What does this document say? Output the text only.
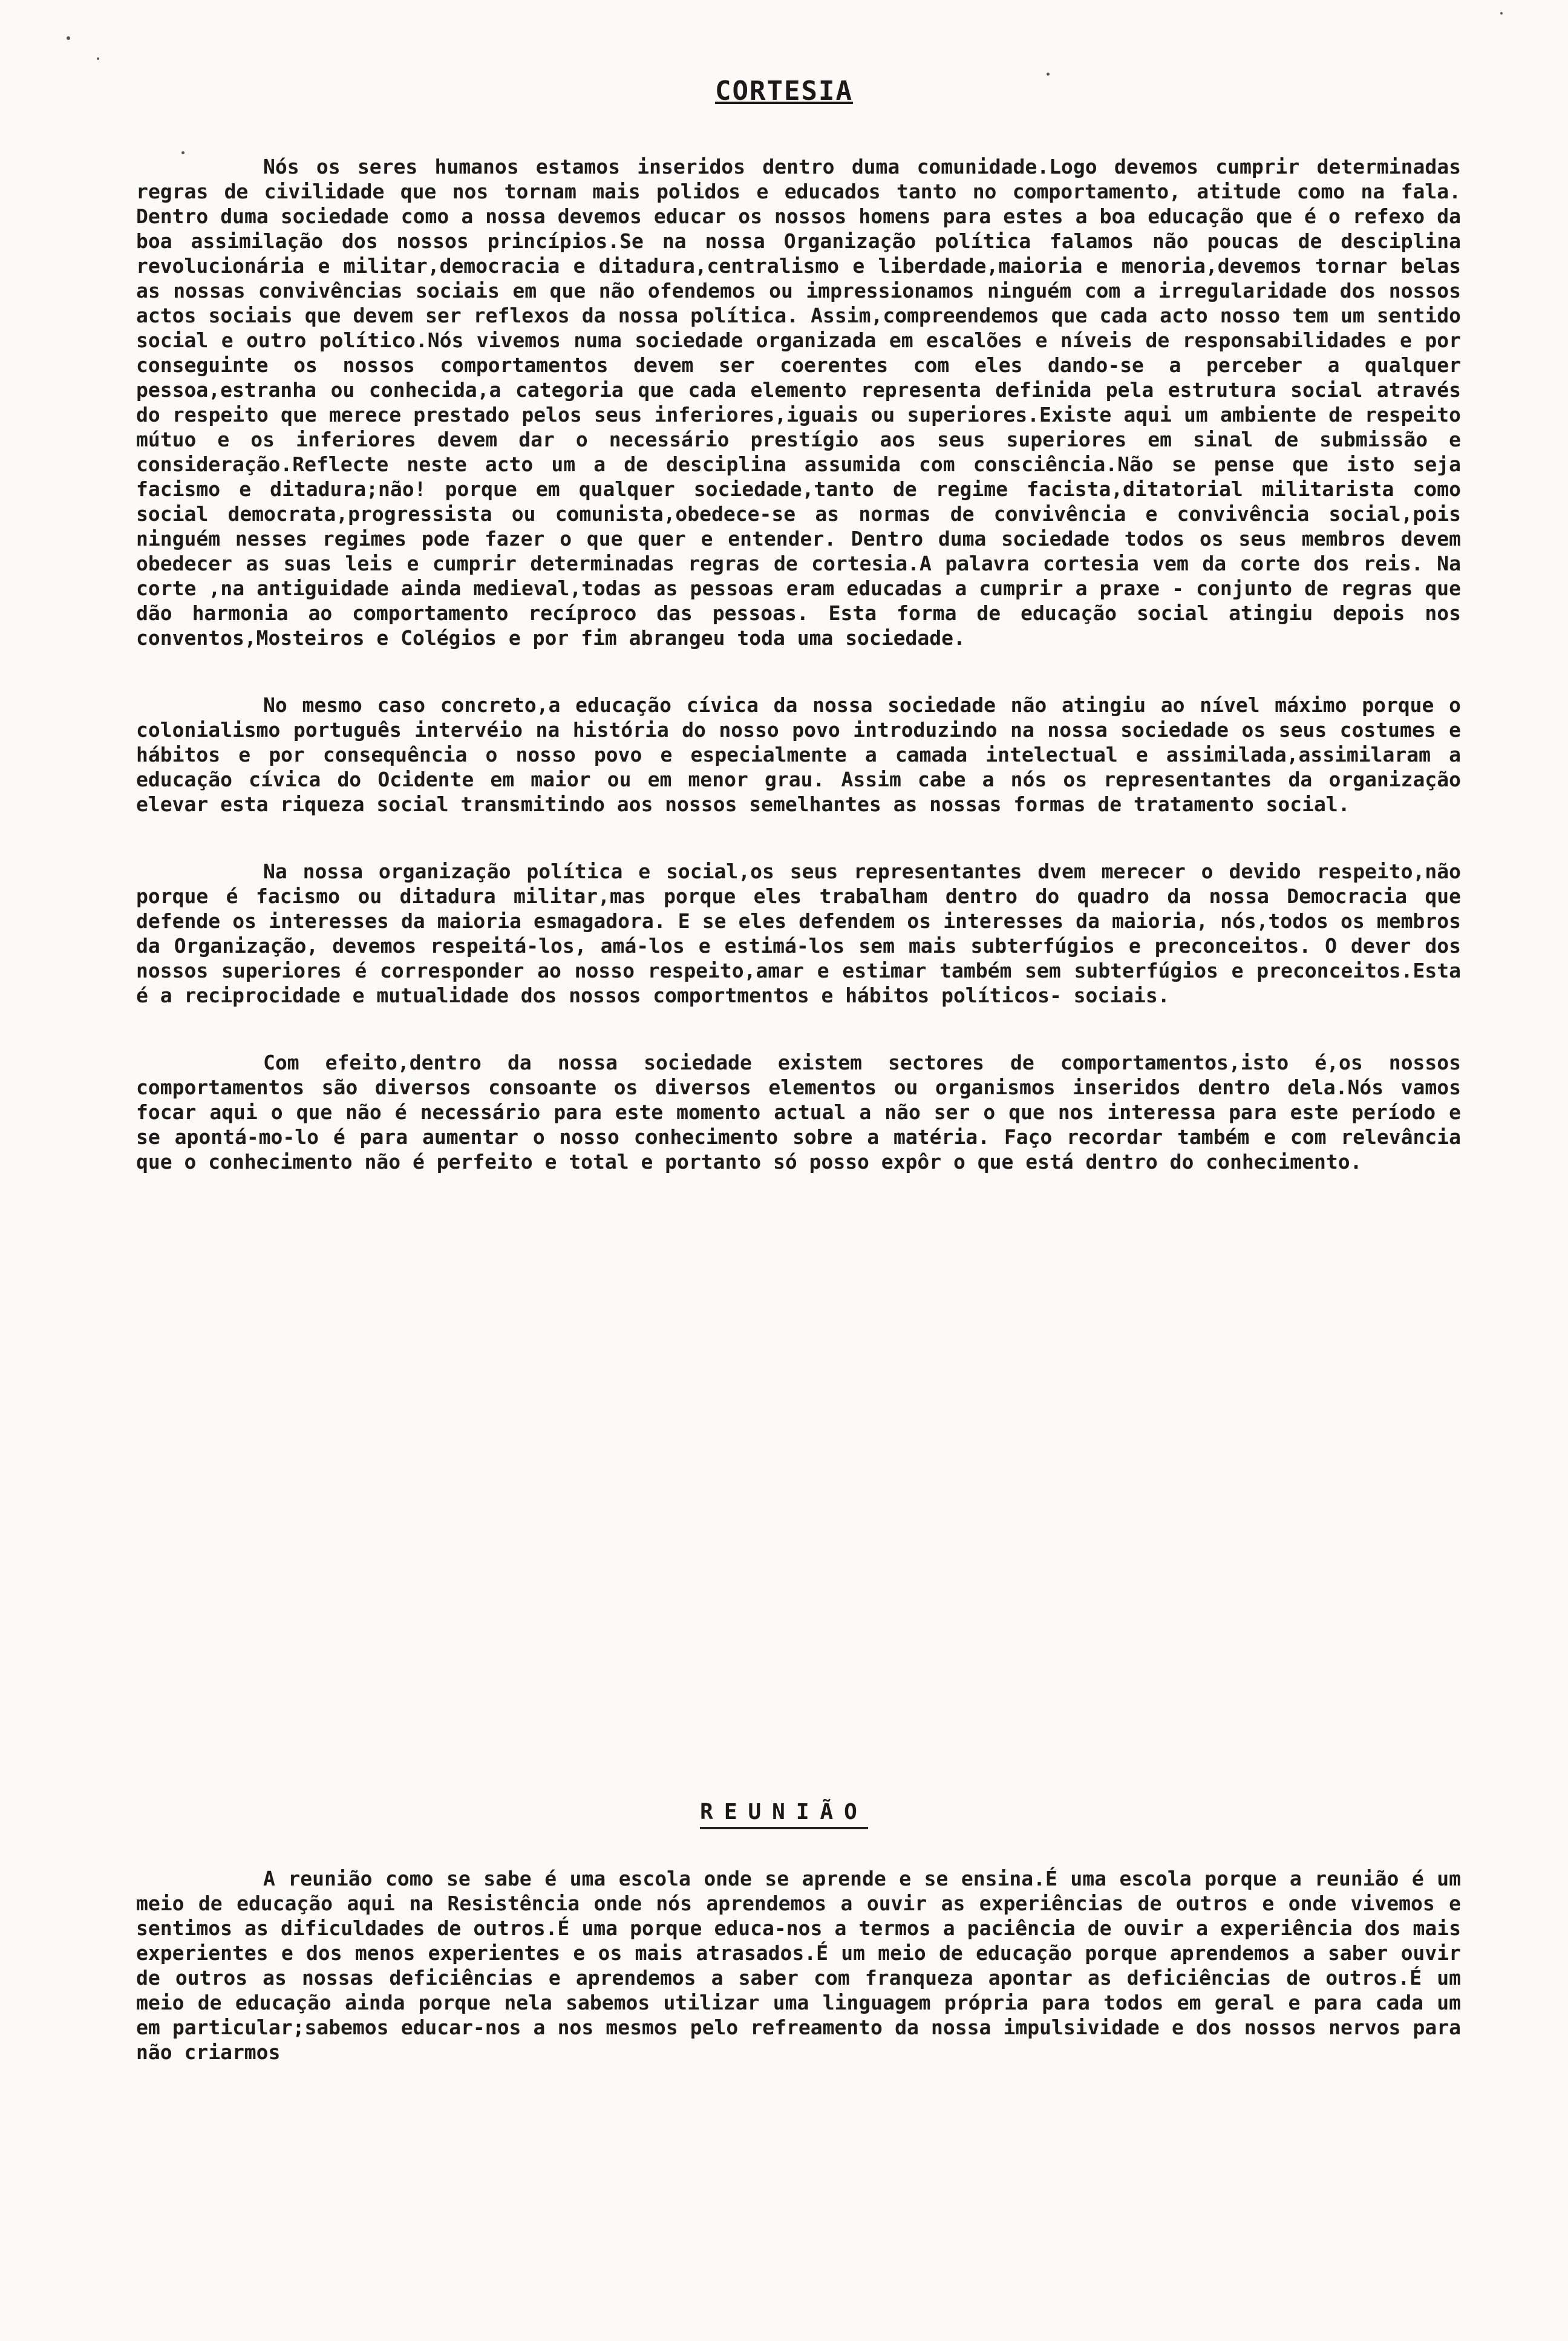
CORTESIA

Nós os seres humanos estamos inseridos dentro duma comunidade.Logo devemos cumprir determinadas regras de civilidade que nos tornam mais polidos e educados tanto no comportamento, atitude como na fala. Dentro duma sociedade como a nossa devemos educar os nossos homens para estes a boa educação que é o refexo da boa assimilação dos nossos princípios.Se na nossa Organização política falamos não poucas de desciplina revolucionária e militar,democracia e ditadura,centralismo e liberdade,maioria e menoria,devemos tornar belas as nossas convivências sociais em que não ofendemos ou impressionamos ninguém com a irregularidade dos nossos actos sociais que devem ser reflexos da nossa política. Assim,compreendemos que cada acto nosso tem um sentido social e outro político.Nós vivemos numa sociedade organizada em escalões e níveis de responsabilidades e por conseguinte os nossos comportamentos devem ser coerentes com eles dando-se a perceber a qualquer pessoa,estranha ou conhecida,a categoria que cada elemento representa definida pela estrutura social através do respeito que merece prestado pelos seus inferiores,iguais ou superiores.Existe aqui um ambiente de respeito mútuo e os inferiores devem dar o necessário prestígio aos seus superiores em sinal de submissão e consideração.Reflecte neste acto um a de desciplina assumida com consciência.Não se pense que isto seja facismo e ditadura;não! porque em qualquer sociedade,tanto de regime facista,ditatorial militarista como social democrata,progressista ou comunista,obedece-se as normas de convivência e convivência social,pois ninguém nesses regimes pode fazer o que quer e entender. Dentro duma sociedade todos os seus membros devem obedecer as suas leis e cumprir determinadas regras de cortesia.A palavra cortesia vem da corte dos reis. Na corte ,na antiguidade ainda medieval,todas as pessoas eram educadas a cumprir a praxe - conjunto de regras que dão harmonia ao comportamento recíproco das pessoas. Esta forma de educação social atingiu depois nos conventos,Mosteiros e Colégios e por fim abrangeu toda uma sociedade.

No mesmo caso concreto,a educação cívica da nossa sociedade não atingiu ao nível máximo porque o colonialismo português intervéio na história do nosso povo introduzindo na nossa sociedade os seus costumes e hábitos e por consequência o nosso povo e especialmente a camada intelectual e assimilada,assimilaram a educação cívica do Ocidente em maior ou em menor grau. Assim cabe a nós os representantes da organização elevar esta riqueza social transmitindo aos nossos semelhantes as nossas formas de tratamento social.

Na nossa organização política e social,os seus representantes dvem merecer o devido respeito,não porque é facismo ou ditadura militar,mas porque eles trabalham dentro do quadro da nossa Democracia que defende os interesses da maioria esmagadora. E se eles defendem os interesses da maioria, nós,todos os membros da Organização, devemos respeitá-los, amá-los e estimá-los sem mais subterfúgios e preconceitos. O dever dos nossos superiores é corresponder ao nosso respeito,amar e estimar também sem subterfúgios e preconceitos.Esta é a reciprocidade e mutualidade dos nossos comportmentos e hábitos políticos- sociais.

Com efeito,dentro da nossa sociedade existem sectores de comportamentos,isto é,os nossos comportamentos são diversos consoante os diversos elementos ou organismos inseridos dentro dela.Nós vamos focar aqui o que não é necessário para este momento actual a não ser o que nos interessa para este período e se apontá-mo-lo é para aumentar o nosso conhecimento sobre a matéria. Faço recordar também e com relevância que o conhecimento não é perfeito e total e portanto só posso expôr o que está dentro do conhecimento.

REUNIÃO

A reunião como se sabe é uma escola onde se aprende e se ensina.É uma escola porque a reunião é um meio de educação aqui na Resistência onde nós aprendemos a ouvir as experiências de outros e onde vivemos e sentimos as dificuldades de outros.É uma porque educa-nos a termos a paciência de ouvir a experiência dos mais experientes e dos menos experientes e os mais atrasados.É um meio de educação porque aprendemos a saber ouvir de outros as nossas deficiências e aprendemos a saber com franqueza apontar as deficiências de outros.É um meio de educação ainda porque nela sabemos utilizar uma linguagem própria para todos em geral e para cada um em particular;sabemos educar-nos a nos mesmos pelo refreamento da nossa impulsividade e dos nossos nervos para não criarmos
